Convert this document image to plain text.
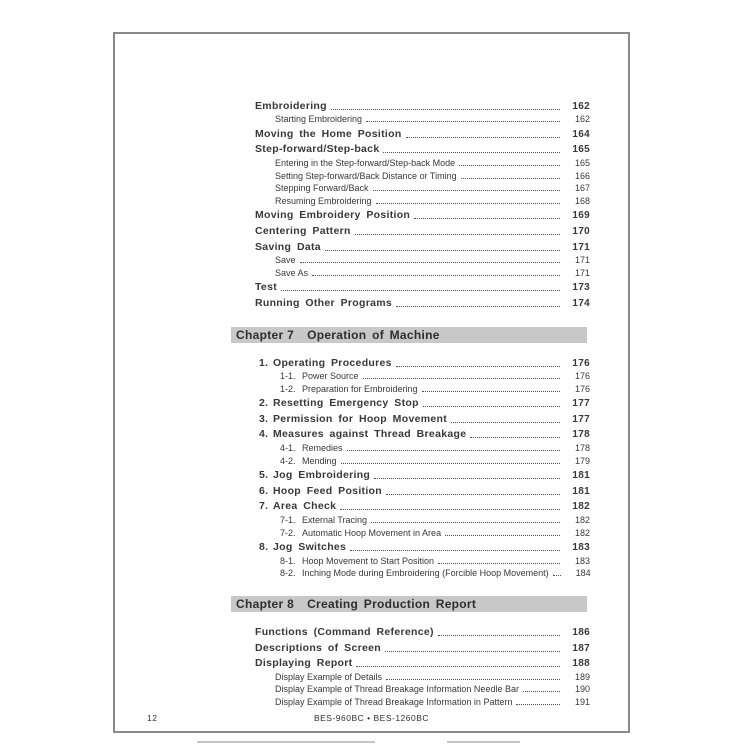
Embroidering	162
Starting Embroidering	162
Moving the Home Position	164
Step-forward/Step-back	165
Entering in the Step-forward/Step-back Mode	165
Setting Step-forward/Back Distance or Timing	166
Stepping Forward/Back	167
Resuming Embroidering	168
Moving Embroidery Position	169
Centering Pattern	170
Saving Data	171
Save	171
Save As	171
Test	173
Running Other Programs	174
Chapter 7 Operation of Machine
1. Operating Procedures	176
1-1. Power Source	176
1-2. Preparation for Embroidering	176
2. Resetting Emergency Stop	177
3. Permission for Hoop Movement	177
4. Measures against Thread Breakage	178
4-1. Remedies	178
4-2. Mending	179
5. Jog Embroidering	181
6. Hoop Feed Position	181
7. Area Check	182
7-1. External Tracing	182
7-2. Automatic Hoop Movement in Area	182
8. Jog Switches	183
8-1. Hoop Movement to Start Position	183
8-2. Inching Mode during Embroidering (Forcible Hoop Movement)	184
Chapter 8 Creating Production Report
Functions (Command Reference)	186
Descriptions of Screen	187
Displaying Report	188
Display Example of Details	189
Display Example of Thread Breakage Information Needle Bar	190
Display Example of Thread Breakage Information in Pattern	191
12	BES-960BC • BES-1260BC
